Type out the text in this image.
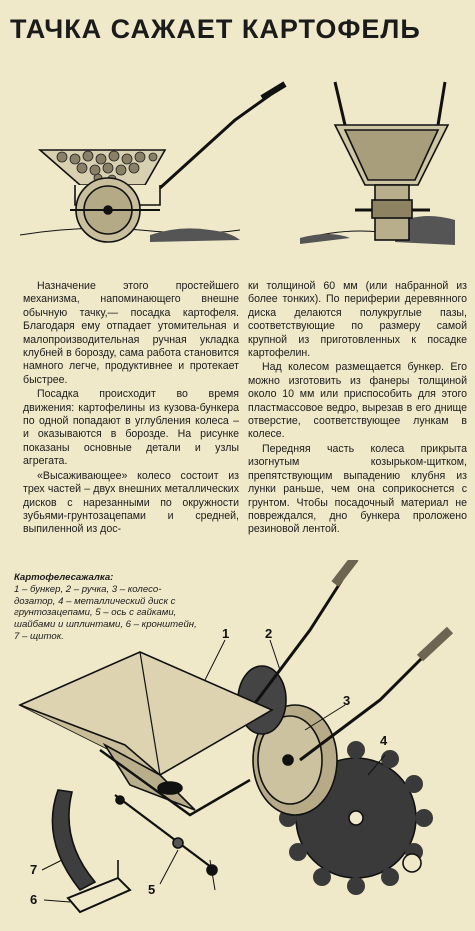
ТАЧКА САЖАЕТ КАРТОФЕЛЬ

Назначение этого простейшего механизма, напоминающего внешне обычную тачку,— посадка картофеля. Благодаря ему отпадает утомительная и малопроизводительная ручная укладка клубней в борозду, сама работа становится намного легче, продуктивнее и протекает быстрее.

Посадка происходит во время движения: картофелины из кузова-бункера по одной попадают в углубления колеса – и оказываются в борозде. На рисунке показаны основные детали и узлы агрегата.

«Высаживающее» колесо состоит из трех частей – двух внешних металлических дисков с нарезанными по окружности зубьями-грунтозацепами и средней, выпиленной из дос-

ки толщиной 60 мм (или набранной из более тонких). По периферии деревянного диска делаются полукруглые пазы, соответствующие по размеру самой крупной из приготовленных к посадке картофелин.

Над колесом размещается бункер. Его можно изготовить из фанеры толщиной около 10 мм или приспособить для этого пластмассовое ведро, вырезав в его днище отверстие, соответствующее лункам в колесе.

Передняя часть колеса прикрыта изогнутым козырьком-щитком, препятствующим выпадению клубня из лунки раньше, чем она соприкоснется с грунтом. Чтобы посадочный материал не повреждался, дно бункера проложено резиновой лентой.

1	2
3
4
5
6
7
Картофелесажалка:
1 – бункер, 2 – ручка, 3 – колесо-дозатор, 4 – металлический диск с грунтозацепами, 5 – ось с гайками, шайбами и шплинтами, 6 – кронштейн, 7 – щиток.
